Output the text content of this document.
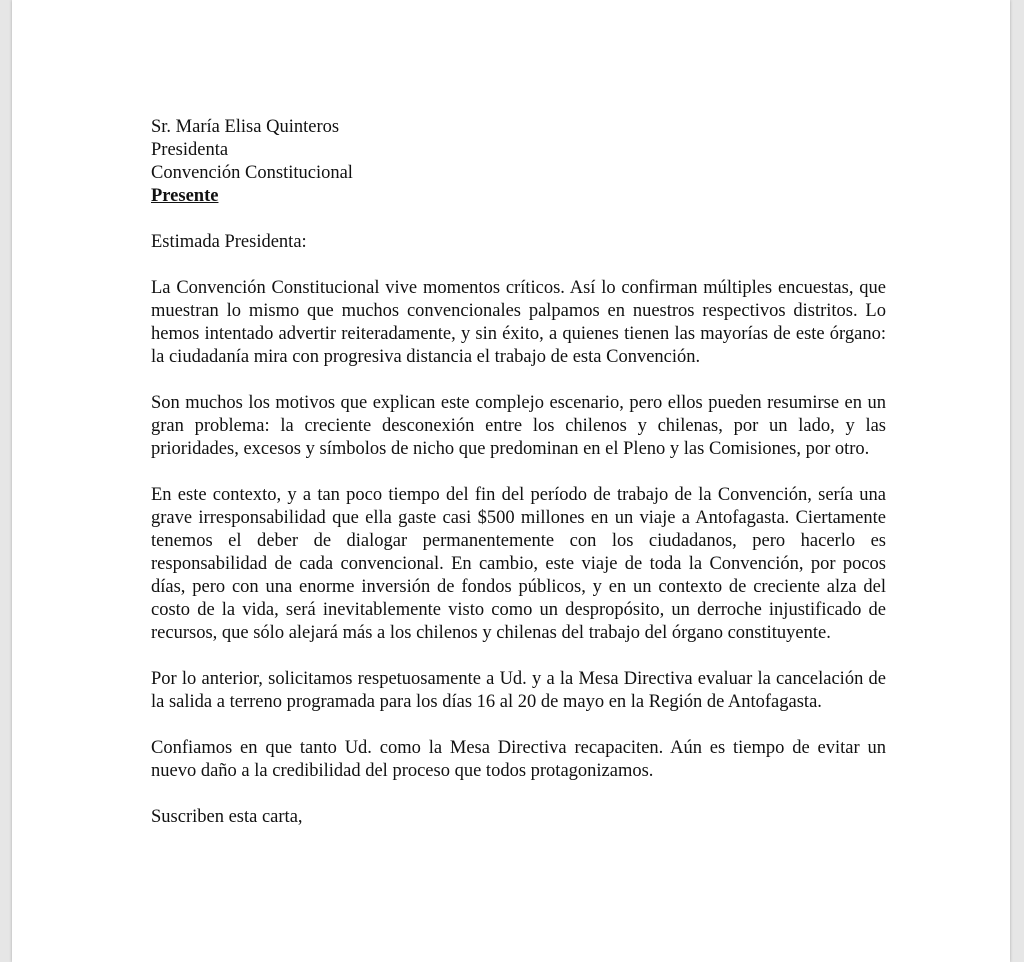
Sr. María Elisa Quinteros
Presidenta
Convención Constitucional
Presente
Estimada Presidenta:

La Convención Constitucional vive momentos críticos. Así lo confirman múltiples encuestas, que muestran lo mismo que muchos convencionales palpamos en nuestros respectivos distritos. Lo hemos intentado advertir reiteradamente, y sin éxito, a quienes tienen las mayorías de este órgano: la ciudadanía mira con progresiva distancia el trabajo de esta Convención.

Son muchos los motivos que explican este complejo escenario, pero ellos pueden resumirse en un gran problema: la creciente desconexión entre los chilenos y chilenas, por un lado, y las prioridades, excesos y símbolos de nicho que predominan en el Pleno y las Comisiones, por otro.

En este contexto, y a tan poco tiempo del fin del período de trabajo de la Convención, sería una grave irresponsabilidad que ella gaste casi $500 millones en un viaje a Antofagasta. Ciertamente tenemos el deber de dialogar permanentemente con los ciudadanos, pero hacerlo es responsabilidad de cada convencional. En cambio, este viaje de toda la Convención, por pocos días, pero con una enorme inversión de fondos públicos, y en un contexto de creciente alza del costo de la vida, será inevitablemente visto como un despropósito, un derroche injustificado de recursos, que sólo alejará más a los chilenos y chilenas del trabajo del órgano constituyente.

Por lo anterior, solicitamos respetuosamente a Ud. y a la Mesa Directiva evaluar la cancelación de la salida a terreno programada para los días 16 al 20 de mayo en la Región de Antofagasta.

Confiamos en que tanto Ud. como la Mesa Directiva recapaciten. Aún es tiempo de evitar un nuevo daño a la credibilidad del proceso que todos protagonizamos.

Suscriben esta carta,
